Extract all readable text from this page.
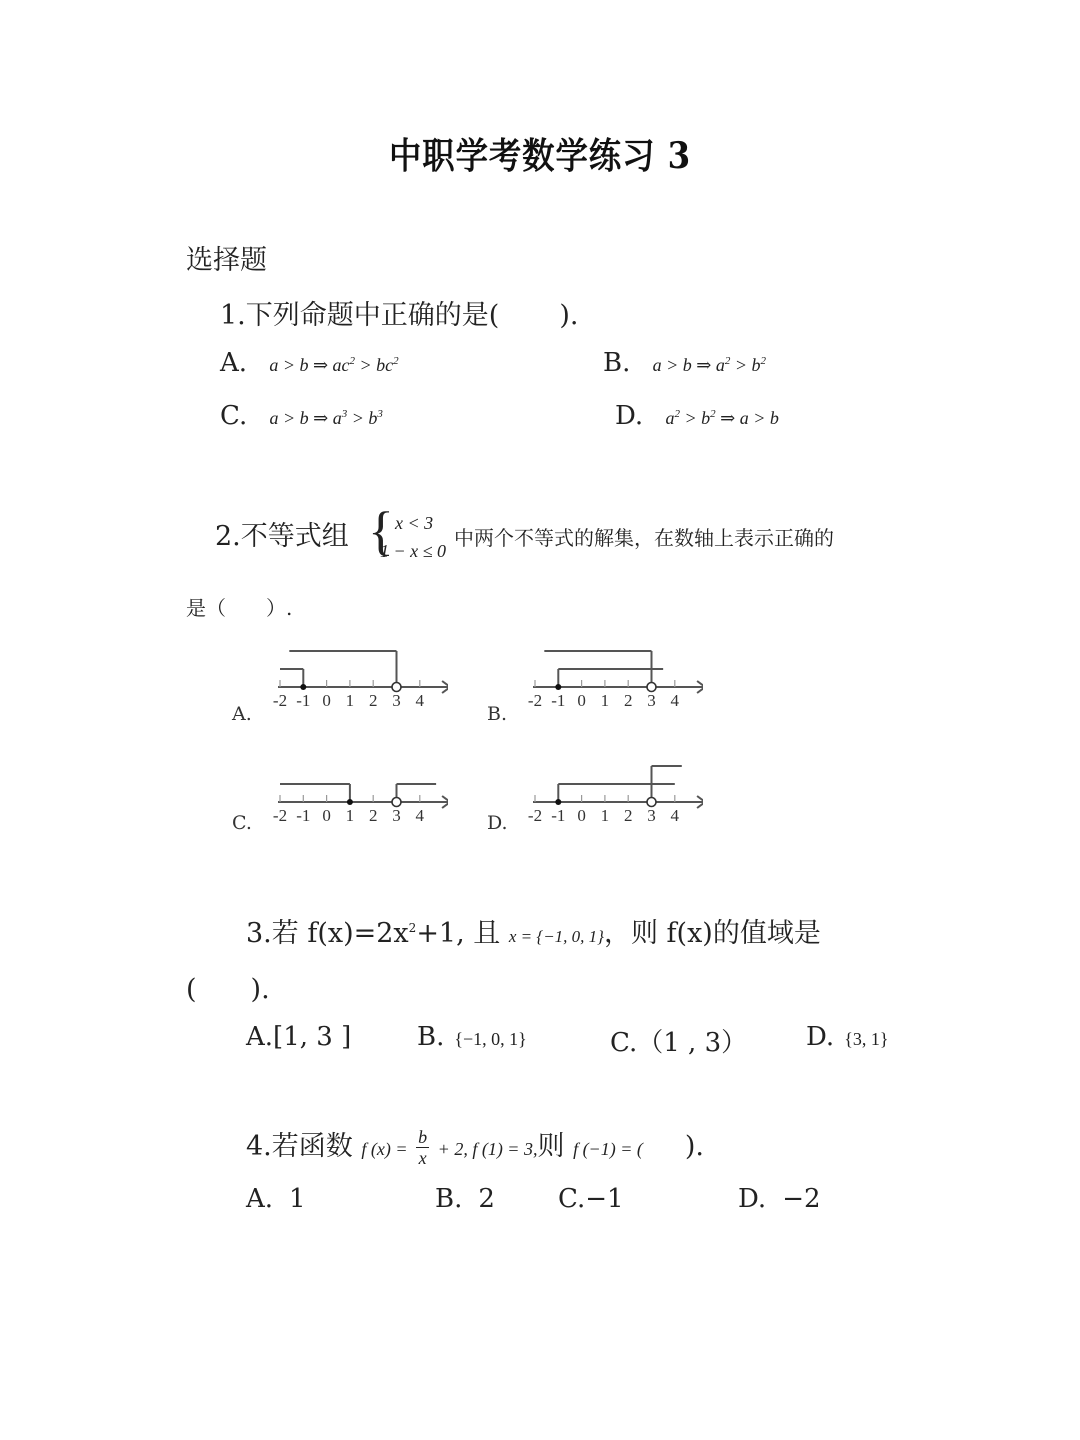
中职学考数学练习 3
选择题
1.下列命题中正确的是( ).
A. a > b ⇒ $ac^2 > bc^2$	B. a > b ⇒ $a^2 > b^2$
C. a > b ⇒ $a^3 > b^3$	D. $a^2 > b^2$ ⇒ a > b
2.不等式组 { x < 3
1 − x ≤ 0
中两个不等式的解集，在数轴上表示正确的
是（　　）.
A.
-2 -1 0 1 2 3 4
B.
-2 -1 0 1 2 3 4
C. -2 -1 0 1 2 3 4	D. -2 -1 0 1 2 3 4
3.若 $f(x)=2x^2+1$, 且 x = {−1, 0, 1}，则 f(x)的值域是
(　　).
A.[1, 3 ]	B. {−1, 0, 1}	C.（1 , 3） D. {3, 1}
4.若函数 f $(x) = \frac{b}{x} + 2$, f (1) = 3,则 f (−1) = ( ).
A. 1	B. 2 C.−1	D. −2
